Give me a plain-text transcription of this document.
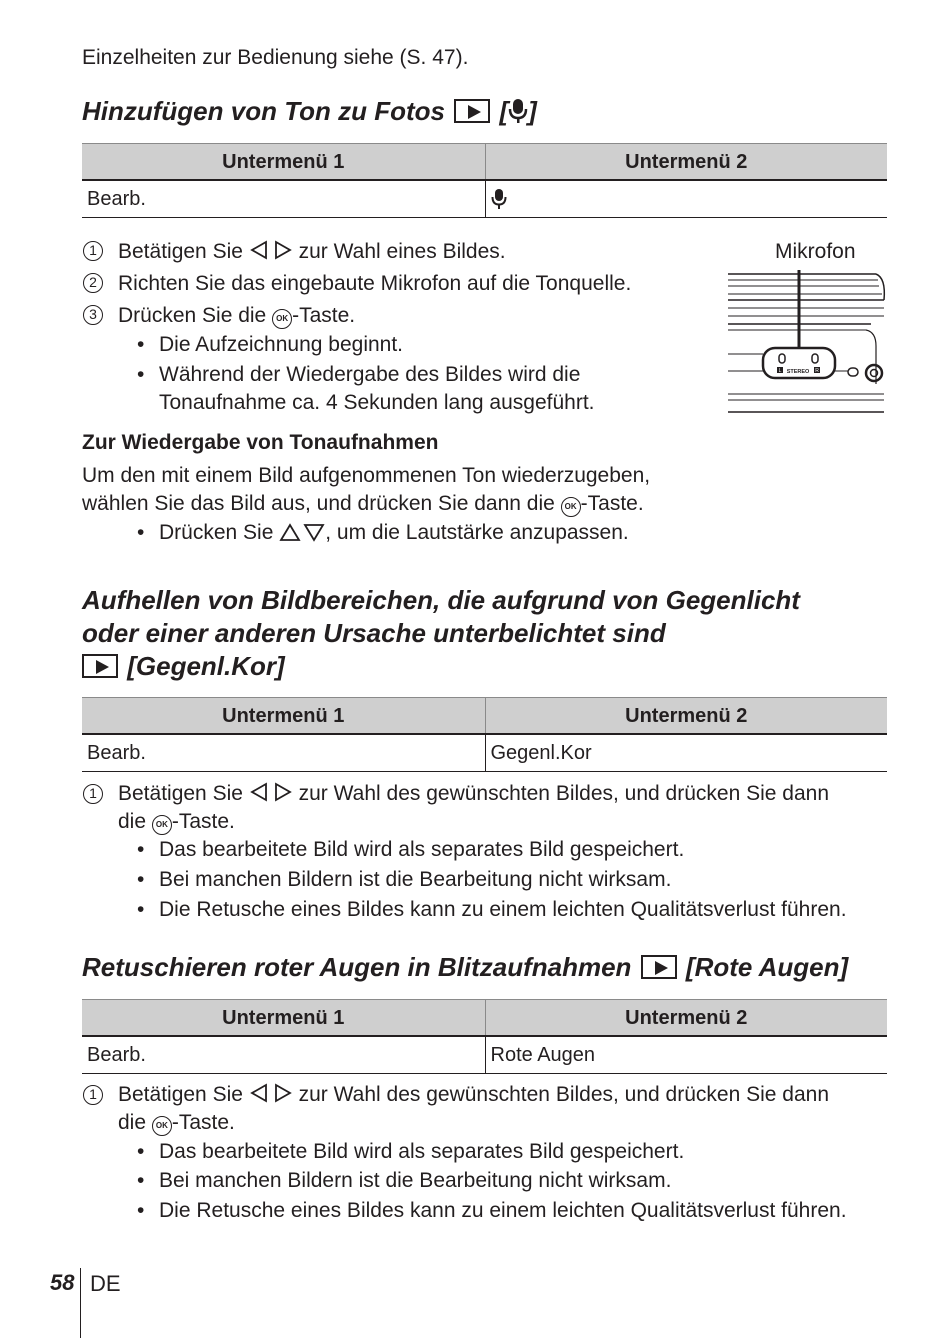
Einzelheiten zur Bedienung siehe (S. 47).
Hinzufügen von Ton zu Fotos [ ]
Untermenü 1	Untermenü 2
Bearb.
1 Betätigen Sie	zur Wahl eines Bildes.
2 Richten Sie das eingebaute Mikrofon auf die Tonquelle.
3 Drücken Sie die OK -Taste.
• Die Aufzeichnung beginnt.
• Während der Wiedergabe des Bildes wird die
Tonaufnahme ca. 4 Sekunden lang ausgeführt.
Mikrofon
L STEREO R
Zur Wiedergabe von Tonaufnahmen
Um den mit einem Bild aufgenommenen Ton wiederzugeben,
wählen Sie das Bild aus, und drücken Sie dann die OK -Taste.
• Drücken Sie , um die Lautstärke anzupassen.
Aufhellen von Bildbereichen, die aufgrund von Gegenlicht
oder einer anderen Ursache unterbelichtet sind
[Gegenl.Kor]
Untermenü 1	Untermenü 2
Bearb.	Gegenl.Kor
1 Betätigen Sie	zur Wahl des gewünschten Bildes, und drücken Sie dann
die OK -Taste.
• Das bearbeitete Bild wird als separates Bild gespeichert.
• Bei manchen Bildern ist die Bearbeitung nicht wirksam.
• Die Retusche eines Bildes kann zu einem leichten Qualitätsverlust führen.
Retuschieren roter Augen in Blitzaufnahmen [Rote Augen]
Untermenü 1	Untermenü 2
Bearb.	Rote Augen
1 Betätigen Sie	zur Wahl des gewünschten Bildes, und drücken Sie dann
die OK -Taste.
• Das bearbeitete Bild wird als separates Bild gespeichert.
• Bei manchen Bildern ist die Bearbeitung nicht wirksam.
• Die Retusche eines Bildes kann zu einem leichten Qualitätsverlust führen.
58 DE
